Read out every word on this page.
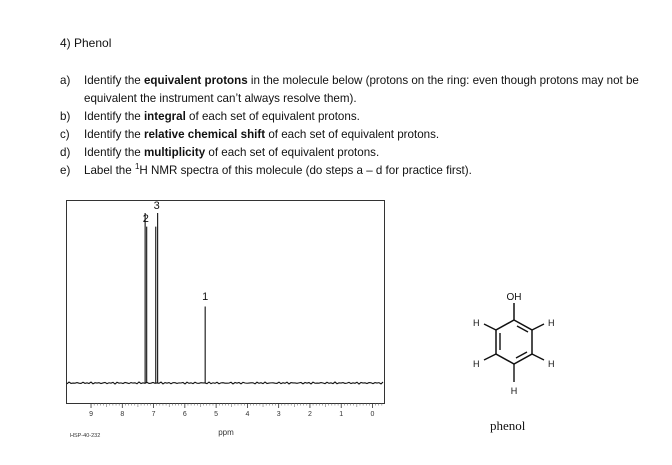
4) Phenol
a)	Identify the equivalent protons in the molecule below (protons on the ring: even though protons may not be equivalent the instrument can’t always resolve them).
b)	Identify the integral of each set of equivalent protons.
c)	Identify the relative chemical shift of each set of equivalent protons.
d)	Identify the multiplicity of each set of equivalent protons.
e)	Label the $^1$H NMR spectra of this molecule (do steps a – d for practice first).
9	8	7	6	5	4	3	2	1	0
2
3
1
HSP-40-232	ppm
OH
H
H
H
H
H
phenol
